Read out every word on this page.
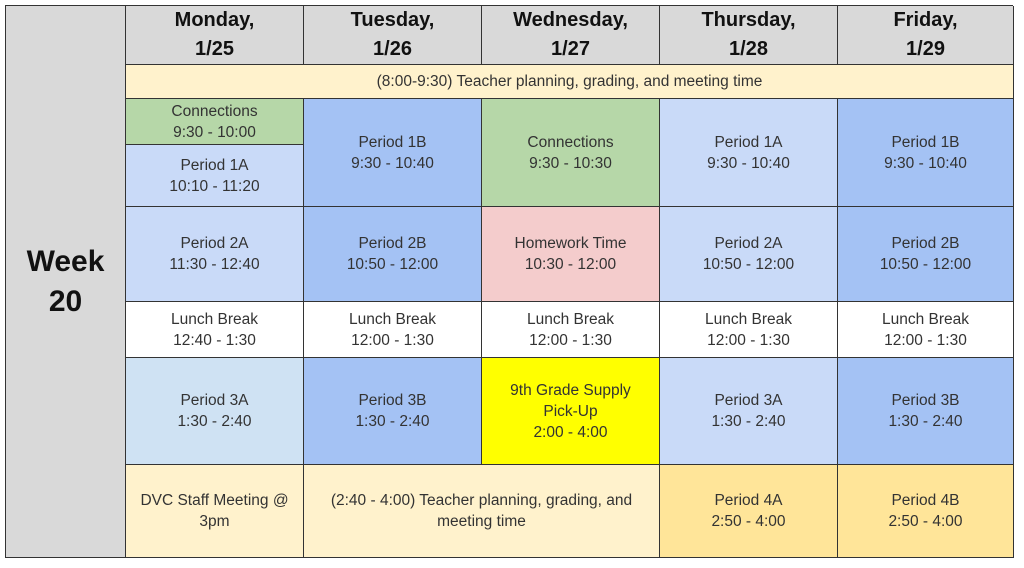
Week
20
Monday,
1/25
Tuesday,
1/26
Wednesday,
1/27
Thursday,
1/28
Friday,
1/29
(8:00-9:30) Teacher planning, grading, and meeting time
Connections
9:30 - 10:00
Period 1A
10:10 - 11:20
Period 1B
9:30 - 10:40
Connections
9:30 - 10:30
Period 1A
9:30 - 10:40
Period 1B
9:30 - 10:40
Period 2A
11:30 - 12:40
Period 2B
10:50 - 12:00
Homework Time
10:30 - 12:00
Period 2A
10:50 - 12:00
Period 2B
10:50 - 12:00
Lunch Break
12:40 - 1:30
Lunch Break
12:00 - 1:30
Lunch Break
12:00 - 1:30
Lunch Break
12:00 - 1:30
Lunch Break
12:00 - 1:30
Period 3A
1:30 - 2:40
Period 3B
1:30 - 2:40
9th Grade Supply
Pick-Up
2:00 - 4:00
Period 3A
1:30 - 2:40
Period 3B
1:30 - 2:40
DVC Staff Meeting @
3pm
(2:40 - 4:00) Teacher planning, grading, and
meeting time
Period 4A
2:50 - 4:00
Period 4B
2:50 - 4:00
